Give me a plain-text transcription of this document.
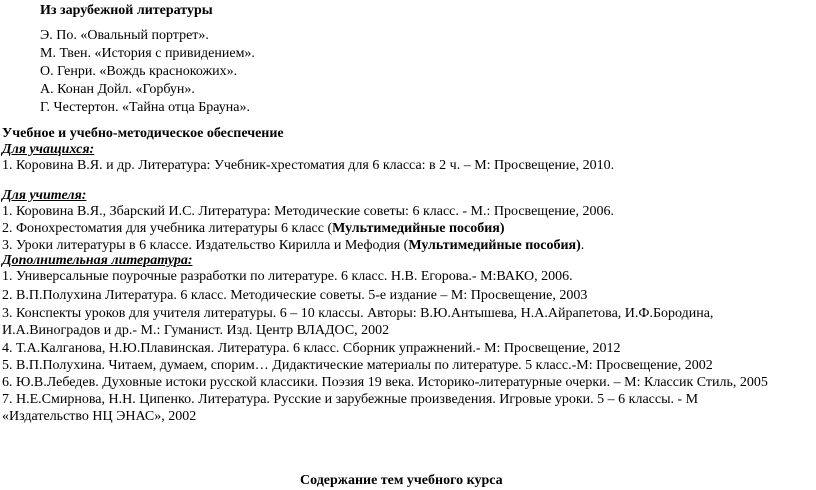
Из зарубежной литературы
Э. По. «Овальный портрет».
М. Твен. «История с привидением».
О. Генри. «Вождь краснокожих».
А. Конан Дойл. «Горбун».
Г. Честертон. «Тайна отца Брауна».
Учебное и учебно-методическое обеспечение
Для учащихся:
1. Коровина В.Я. и др. Литература: Учебник-хрестоматия для 6 класса: в 2 ч. – М: Просвещение, 2010.
Для учителя:
1. Коровина В.Я., Збарский И.С. Литература: Методические советы: 6 класс. - М.: Просвещение, 2006.
2. Фонохрестоматия для учебника литературы 6 класс (Мультимедийные пособия)
3. Уроки литературы в 6 классе. Издательство Кирилла и Мефодия (Мультимедийные пособия).
Дополнительная литература:
1. Универсальные поурочные разработки по литературе. 6 класс. Н.В. Егорова.- М:ВАКО, 2006.
2. В.П.Полухина Литература. 6 класс. Методические советы. 5-е издание – М: Просвещение, 2003
3. Конспекты уроков для учителя литературы. 6 – 10 классы. Авторы: В.Ю.Антышева, Н.А.Айрапетова, И.Ф.Бородина,
И.А.Виноградов и др.- М.: Гуманист. Изд. Центр ВЛАДОС, 2002
4. Т.А.Калганова, Н.Ю.Плавинская. Литература. 6 класс. Сборник упражнений.- М: Просвещение, 2012
5. В.П.Полухина. Читаем, думаем, спорим… Дидактические материалы по литературе. 5 класс.-М: Просвещение, 2002
6. Ю.В.Лебедев. Духовные истоки русской классики. Поэзия 19 века. Историко-литературные очерки. – М: Классик Стиль, 2005
7. Н.Е.Смирнова, Н.Н. Ципенко. Литература. Русские и зарубежные произведения. Игровые уроки. 5 – 6 классы. - М
«Издательство НЦ ЭНАС», 2002
Содержание тем учебного курса
